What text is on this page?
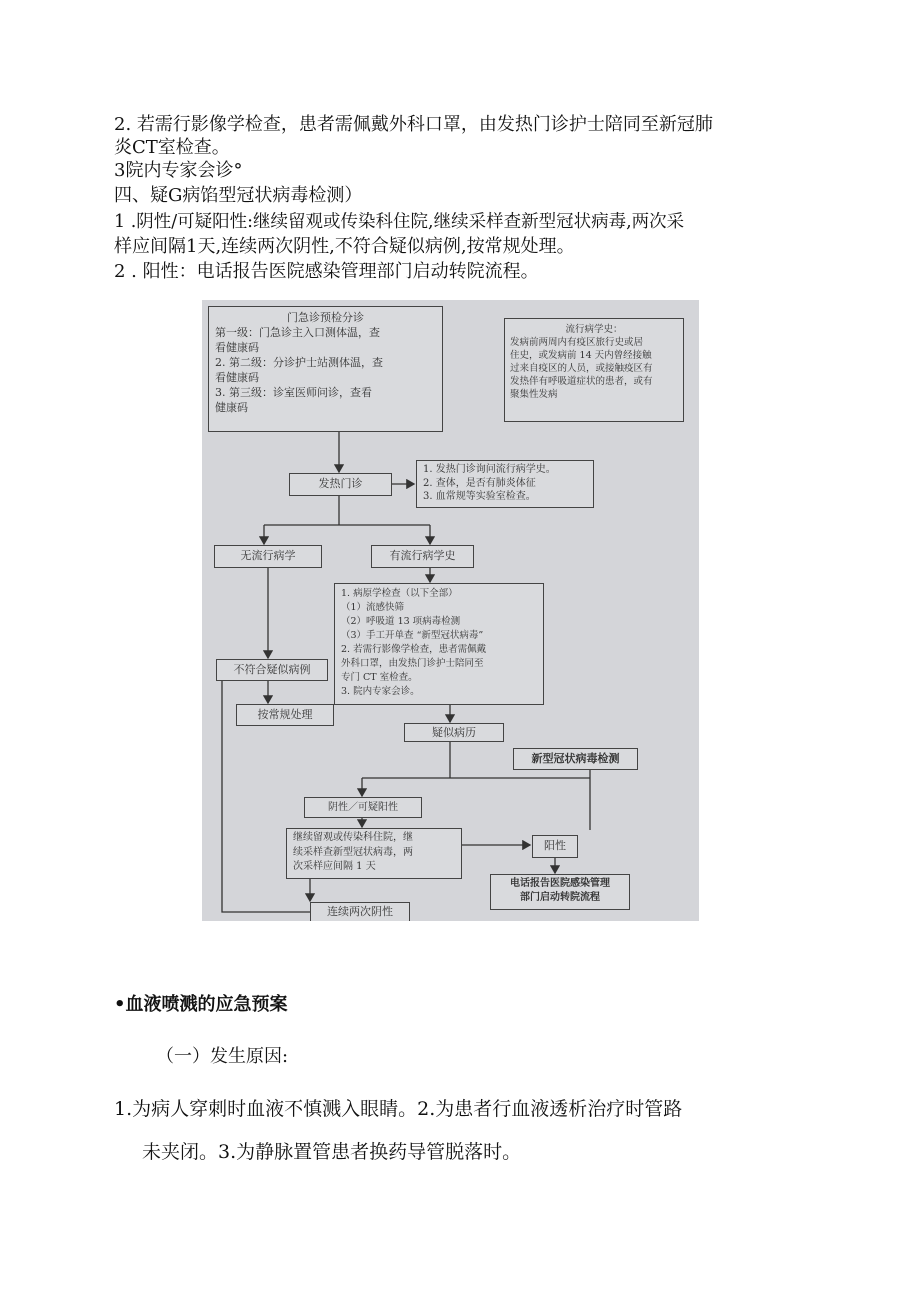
2. 若需行影像学检查，患者需佩戴外科口罩，由发热门诊护士陪同至新冠肺
炎CT室检查。
3院内专家会诊°
四、疑G病馅型冠状病毒检测）
1 .阴性/可疑阳性:继续留观或传染科住院,继续采样查新型冠状病毒,两次采
样应间隔1天,连续两次阴性,不符合疑似病例,按常规处理。
2 . 阳性：电话报告医院感染管理部门启动转院流程。
门急诊预检分诊
第一级：门急诊主入口测体温，查
看健康码
2. 第二级：分诊护士站测体温，查
看健康码
3. 第三级：诊室医师问诊，查看
健康码
流行病学史：
发病前两周内有疫区旅行史或居
住史，或发病前 14 天内曾经接触
过来自疫区的人员，或接触疫区有
发热伴有呼吸道症状的患者，或有
聚集性发病
发热门诊
1. 发热门诊询问流行病学史。
2. 查体，是否有肺炎体征
3. 血常规等实验室检查。
无流行病学	有流行病学史
1. 病原学检查（以下全部）
（1）流感快筛
（2）呼吸道 13 项病毒检测
（3）手工开单查 “新型冠状病毒”
2. 若需行影像学检查，患者需佩戴
外科口罩，由发热门诊护士陪同至
专门 CT 室检查。
3. 院内专家会诊。
不符合疑似病例
按常规处理
疑似病历
新型冠状病毒检测
阴性／可疑阳性
继续留观或传染科住院，继
续采样查新型冠状病毒，两
次采样应间隔 1 天
阳性
电话报告医院感染管理
部门启动转院流程
连续两次阴性
•血液喷溅的应急预案
（一）发生原因:
1.为病人穿刺时血液不慎溅入眼睛。2.为患者行血液透析治疗时管路
未夹闭。3.为静脉置管患者换药导管脱落时。
